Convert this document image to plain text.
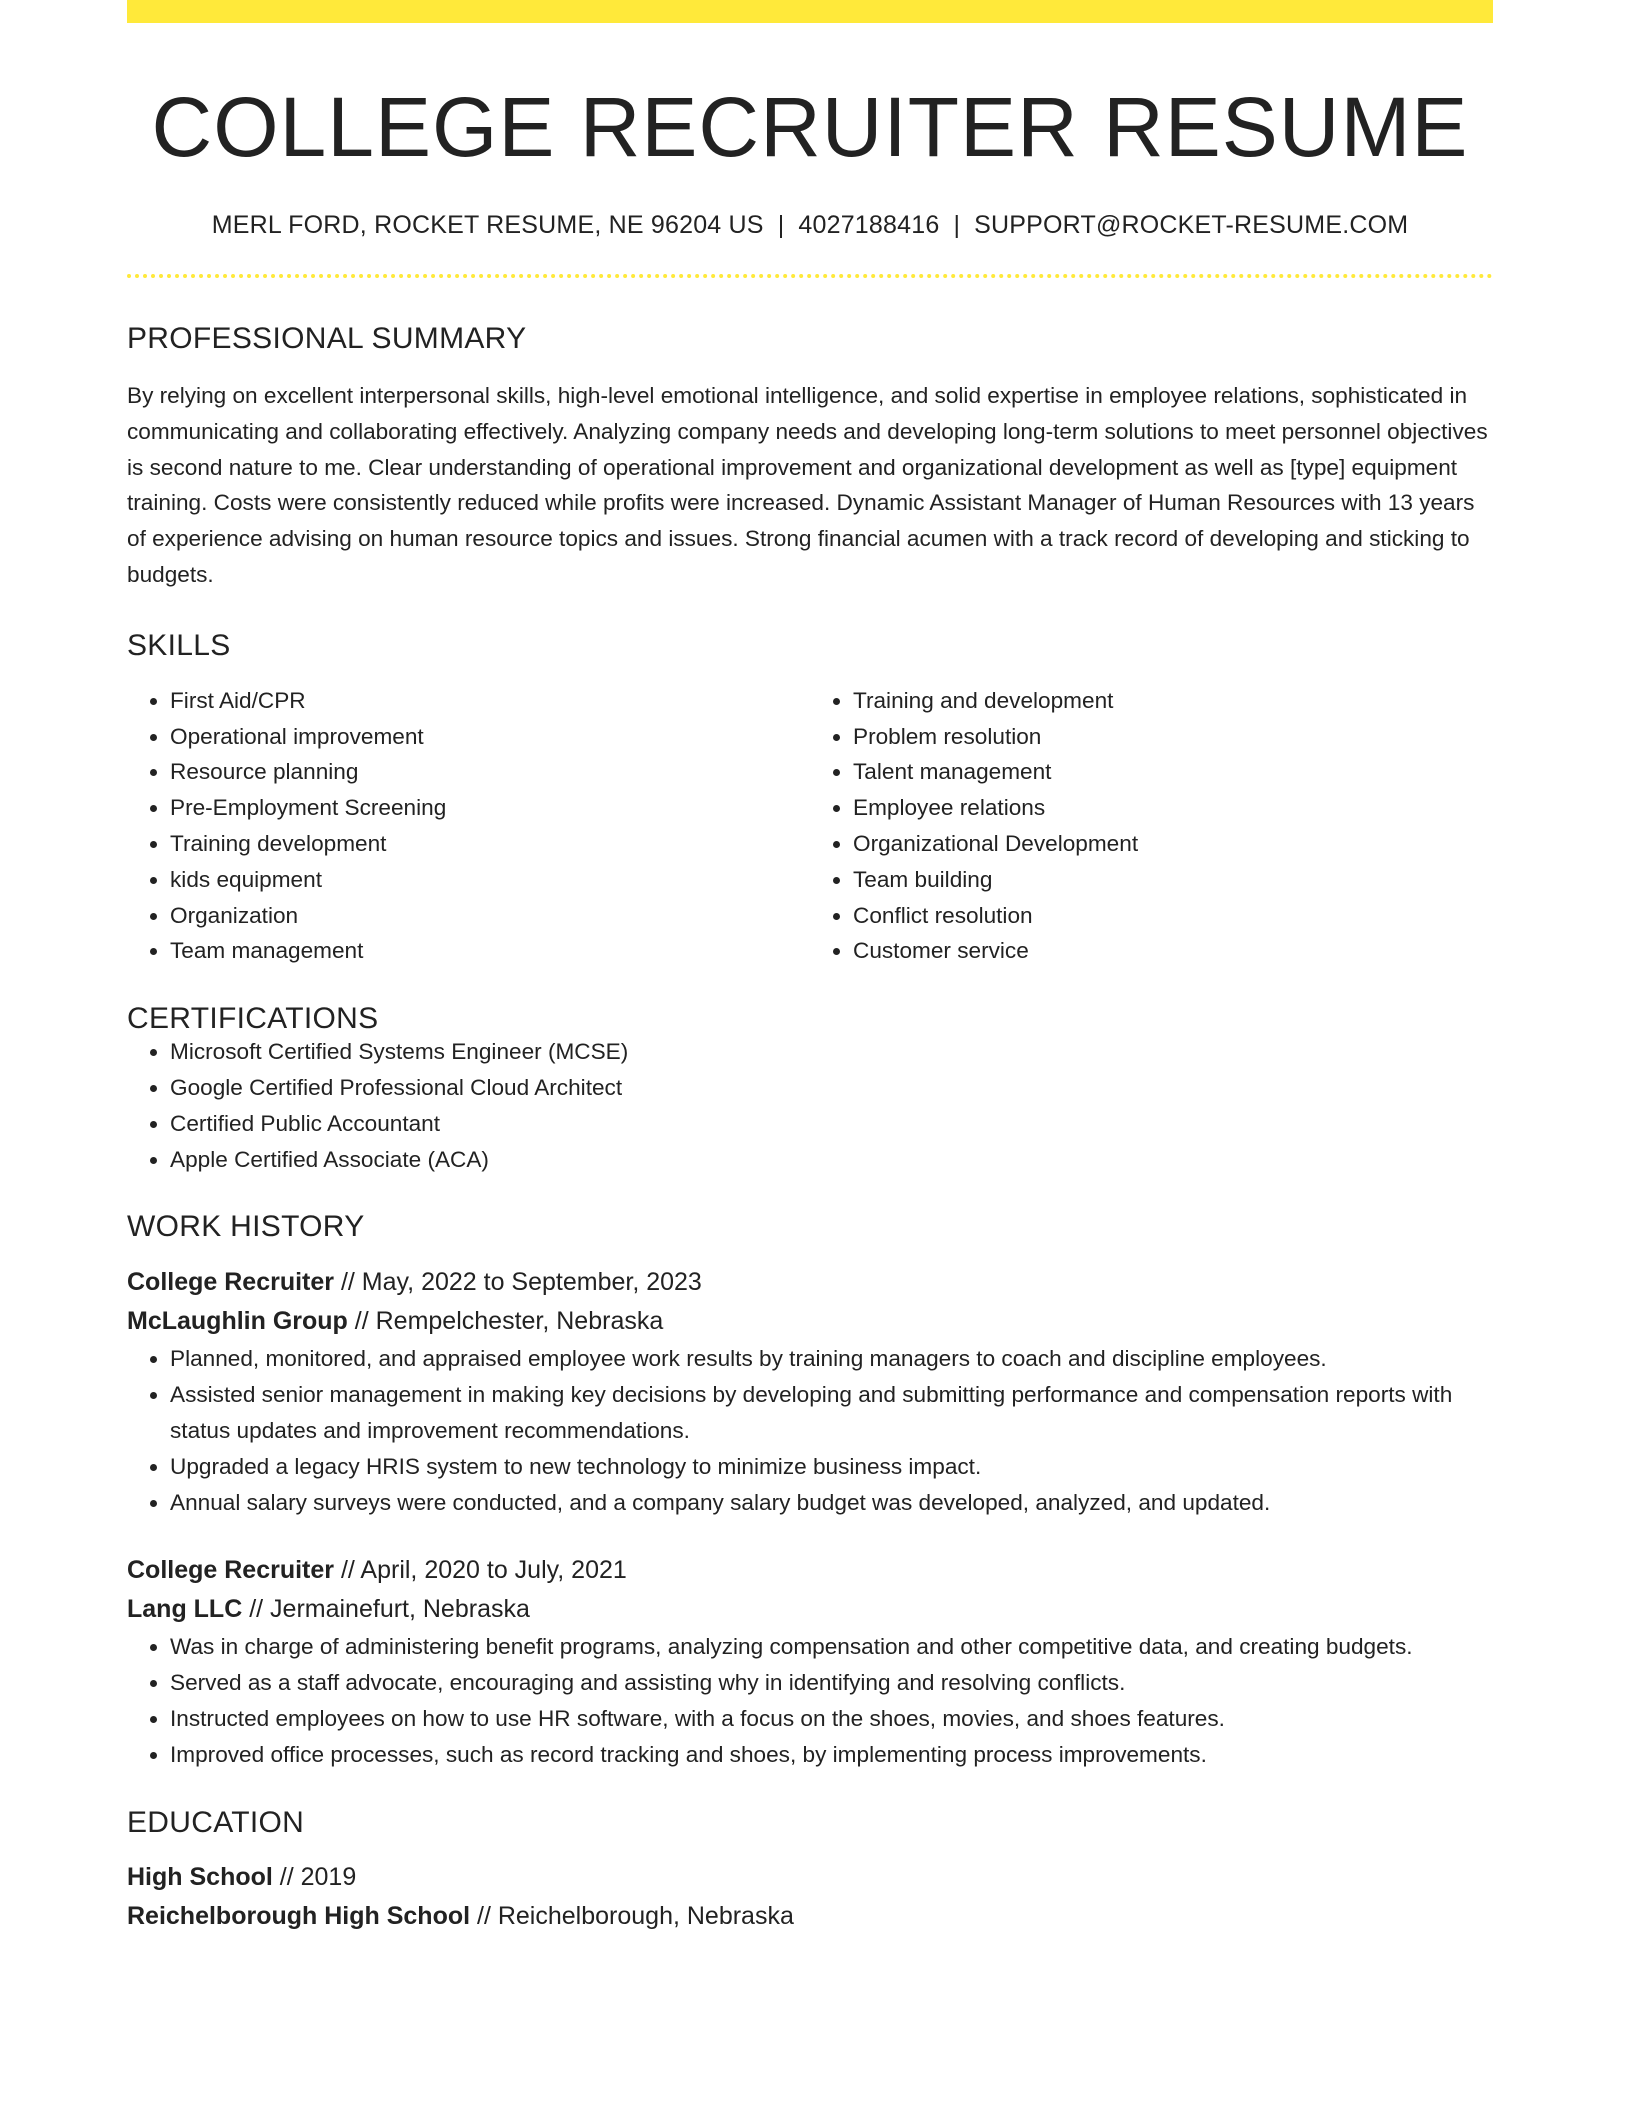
COLLEGE RECRUITER RESUME
MERL FORD, ROCKET RESUME, NE 96204 US | 4027188416 | SUPPORT@ROCKET-RESUME.COM
PROFESSIONAL SUMMARY
By relying on excellent interpersonal skills, high-level emotional intelligence, and solid expertise in employee relations, sophisticated in communicating and collaborating effectively. Analyzing company needs and developing long-term solutions to meet personnel objectives is second nature to me. Clear understanding of operational improvement and organizational development as well as [type] equipment training. Costs were consistently reduced while profits were increased. Dynamic Assistant Manager of Human Resources with 13 years of experience advising on human resource topics and issues. Strong financial acumen with a track record of developing and sticking to budgets.
SKILLS
• First Aid/CPR
• Operational improvement
• Resource planning
• Pre-Employment Screening
• Training development
• kids equipment
• Organization
• Team management
• Training and development
• Problem resolution
• Talent management
• Employee relations
• Organizational Development
• Team building
• Conflict resolution
• Customer service
CERTIFICATIONS
• Microsoft Certified Systems Engineer (MCSE)
• Google Certified Professional Cloud Architect
• Certified Public Accountant
• Apple Certified Associate (ACA)
WORK HISTORY
College Recruiter // May, 2022 to September, 2023
McLaughlin Group // Rempelchester, Nebraska
• Planned, monitored, and appraised employee work results by training managers to coach and discipline employees.
• Assisted senior management in making key decisions by developing and submitting performance and compensation reports with status updates and improvement recommendations.
• Upgraded a legacy HRIS system to new technology to minimize business impact.
• Annual salary surveys were conducted, and a company salary budget was developed, analyzed, and updated.
College Recruiter // April, 2020 to July, 2021
Lang LLC // Jermainefurt, Nebraska
• Was in charge of administering benefit programs, analyzing compensation and other competitive data, and creating budgets.
• Served as a staff advocate, encouraging and assisting why in identifying and resolving conflicts.
• Instructed employees on how to use HR software, with a focus on the shoes, movies, and shoes features.
• Improved office processes, such as record tracking and shoes, by implementing process improvements.
EDUCATION
High School // 2019
Reichelborough High School // Reichelborough, Nebraska
